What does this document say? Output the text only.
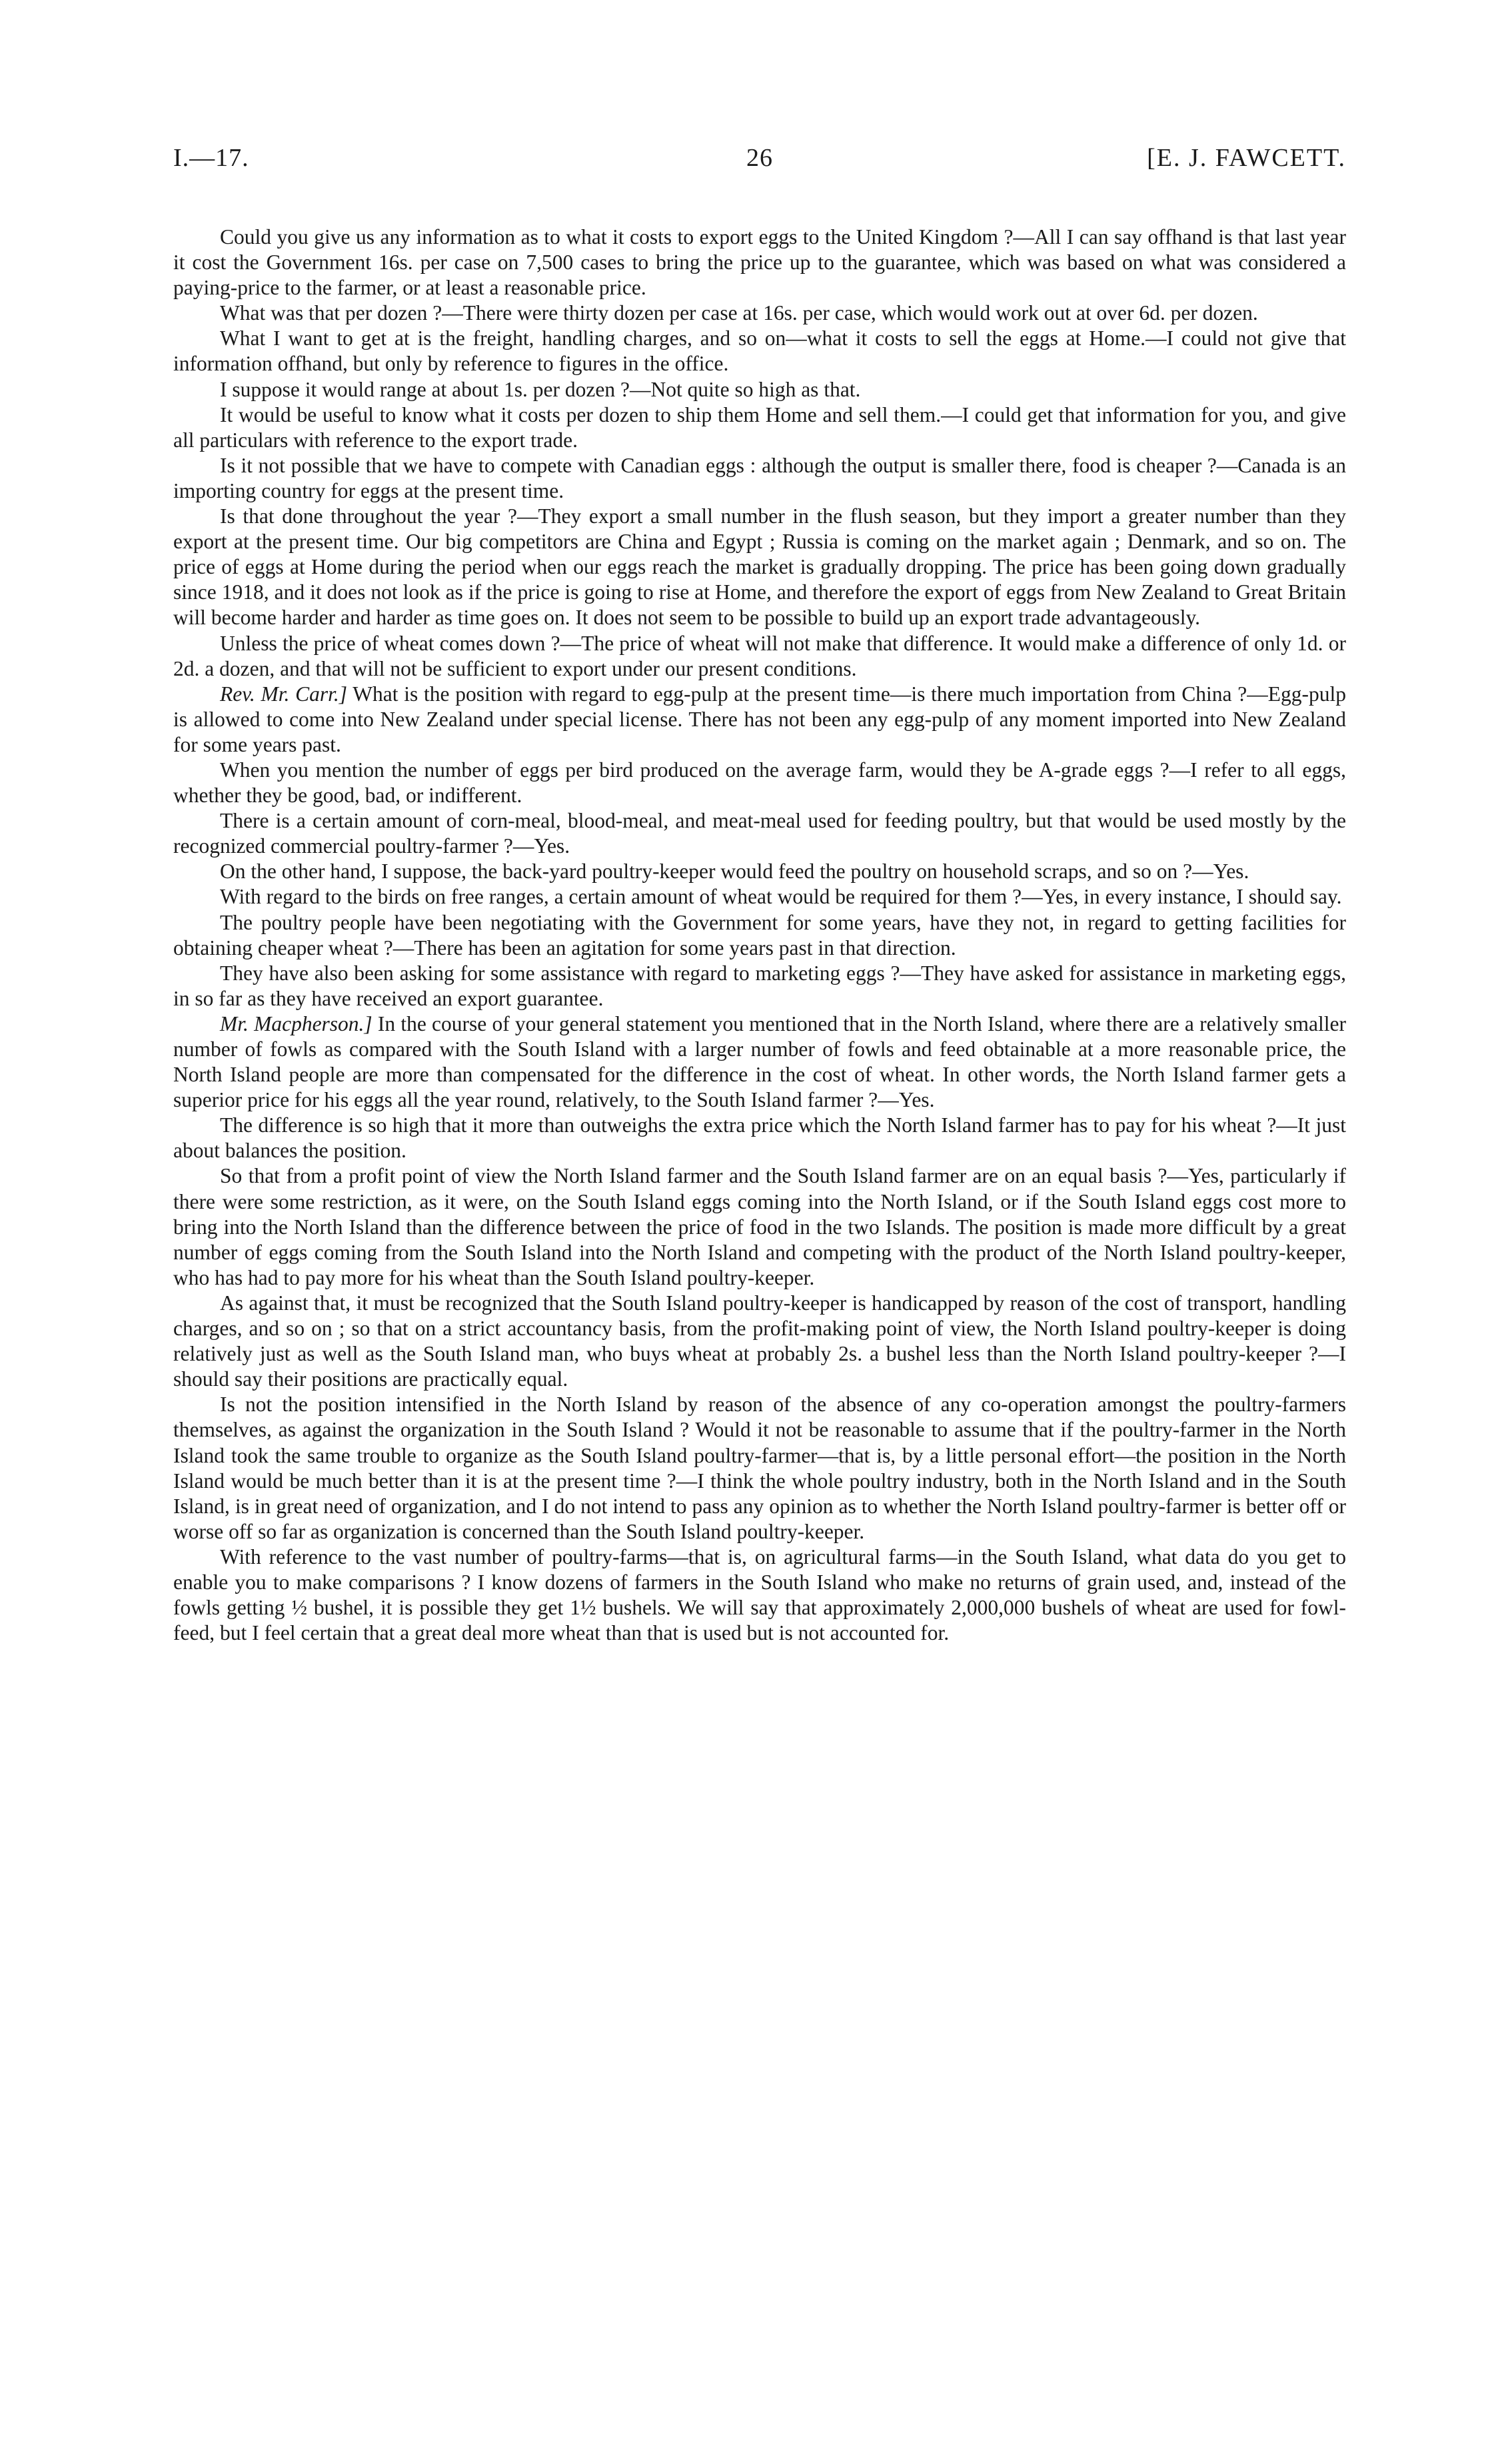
I.—17.	26	[E. J. FAWCETT.

Could you give us any information as to what it costs to export eggs to the United Kingdom ?—All I can say offhand is that last year it cost the Government 16s. per case on 7,500 cases to bring the price up to the guarantee, which was based on what was considered a paying-price to the farmer, or at least a reasonable price.

What was that per dozen ?—There were thirty dozen per case at 16s. per case, which would work out at over 6d. per dozen.

What I want to get at is the freight, handling charges, and so on—what it costs to sell the eggs at Home.—I could not give that information offhand, but only by reference to figures in the office.

I suppose it would range at about 1s. per dozen ?—Not quite so high as that.

It would be useful to know what it costs per dozen to ship them Home and sell them.—I could get that information for you, and give all particulars with reference to the export trade.

Is it not possible that we have to compete with Canadian eggs : although the output is smaller there, food is cheaper ?—Canada is an importing country for eggs at the present time.

Is that done throughout the year ?—They export a small number in the flush season, but they import a greater number than they export at the present time. Our big competitors are China and Egypt ; Russia is coming on the market again ; Denmark, and so on. The price of eggs at Home during the period when our eggs reach the market is gradually dropping. The price has been going down gradually since 1918, and it does not look as if the price is going to rise at Home, and therefore the export of eggs from New Zealand to Great Britain will become harder and harder as time goes on. It does not seem to be possible to build up an export trade advantageously.

Unless the price of wheat comes down ?—The price of wheat will not make that difference. It would make a difference of only 1d. or 2d. a dozen, and that will not be sufficient to export under our present conditions.

Rev. Mr. Carr.] What is the position with regard to egg-pulp at the present time—is there much importation from China ?—Egg-pulp is allowed to come into New Zealand under special license. There has not been any egg-pulp of any moment imported into New Zealand for some years past.

When you mention the number of eggs per bird produced on the average farm, would they be A-grade eggs ?—I refer to all eggs, whether they be good, bad, or indifferent.

There is a certain amount of corn-meal, blood-meal, and meat-meal used for feeding poultry, but that would be used mostly by the recognized commercial poultry-farmer ?—Yes.

On the other hand, I suppose, the back-yard poultry-keeper would feed the poultry on household scraps, and so on ?—Yes.

With regard to the birds on free ranges, a certain amount of wheat would be required for them ?—Yes, in every instance, I should say.

The poultry people have been negotiating with the Government for some years, have they not, in regard to getting facilities for obtaining cheaper wheat ?—There has been an agitation for some years past in that direction.

They have also been asking for some assistance with regard to marketing eggs ?—They have asked for assistance in marketing eggs, in so far as they have received an export guarantee.

Mr. Macpherson.] In the course of your general statement you mentioned that in the North Island, where there are a relatively smaller number of fowls as compared with the South Island with a larger number of fowls and feed obtainable at a more reasonable price, the North Island people are more than compensated for the difference in the cost of wheat. In other words, the North Island farmer gets a superior price for his eggs all the year round, relatively, to the South Island farmer ?—Yes.

The difference is so high that it more than outweighs the extra price which the North Island farmer has to pay for his wheat ?—It just about balances the position.

So that from a profit point of view the North Island farmer and the South Island farmer are on an equal basis ?—Yes, particularly if there were some restriction, as it were, on the South Island eggs coming into the North Island, or if the South Island eggs cost more to bring into the North Island than the difference between the price of food in the two Islands. The position is made more difficult by a great number of eggs coming from the South Island into the North Island and competing with the product of the North Island poultry-keeper, who has had to pay more for his wheat than the South Island poultry-keeper.

As against that, it must be recognized that the South Island poultry-keeper is handicapped by reason of the cost of transport, handling charges, and so on ; so that on a strict accountancy basis, from the profit-making point of view, the North Island poultry-keeper is doing relatively just as well as the South Island man, who buys wheat at probably 2s. a bushel less than the North Island poultry-keeper ?—I should say their positions are practically equal.

Is not the position intensified in the North Island by reason of the absence of any co-operation amongst the poultry-farmers themselves, as against the organization in the South Island ? Would it not be reasonable to assume that if the poultry-farmer in the North Island took the same trouble to organize as the South Island poultry-farmer—that is, by a little personal effort—the position in the North Island would be much better than it is at the present time ?—I think the whole poultry industry, both in the North Island and in the South Island, is in great need of organization, and I do not intend to pass any opinion as to whether the North Island poultry-farmer is better off or worse off so far as organization is concerned than the South Island poultry-keeper.

With reference to the vast number of poultry-farms—that is, on agricultural farms—in the South Island, what data do you get to enable you to make comparisons ? I know dozens of farmers in the South Island who make no returns of grain used, and, instead of the fowls getting ½ bushel, it is possible they get 1½ bushels. We will say that approximately 2,000,000 bushels of wheat are used for fowl-feed, but I feel certain that a great deal more wheat than that is used but is not accounted for.
